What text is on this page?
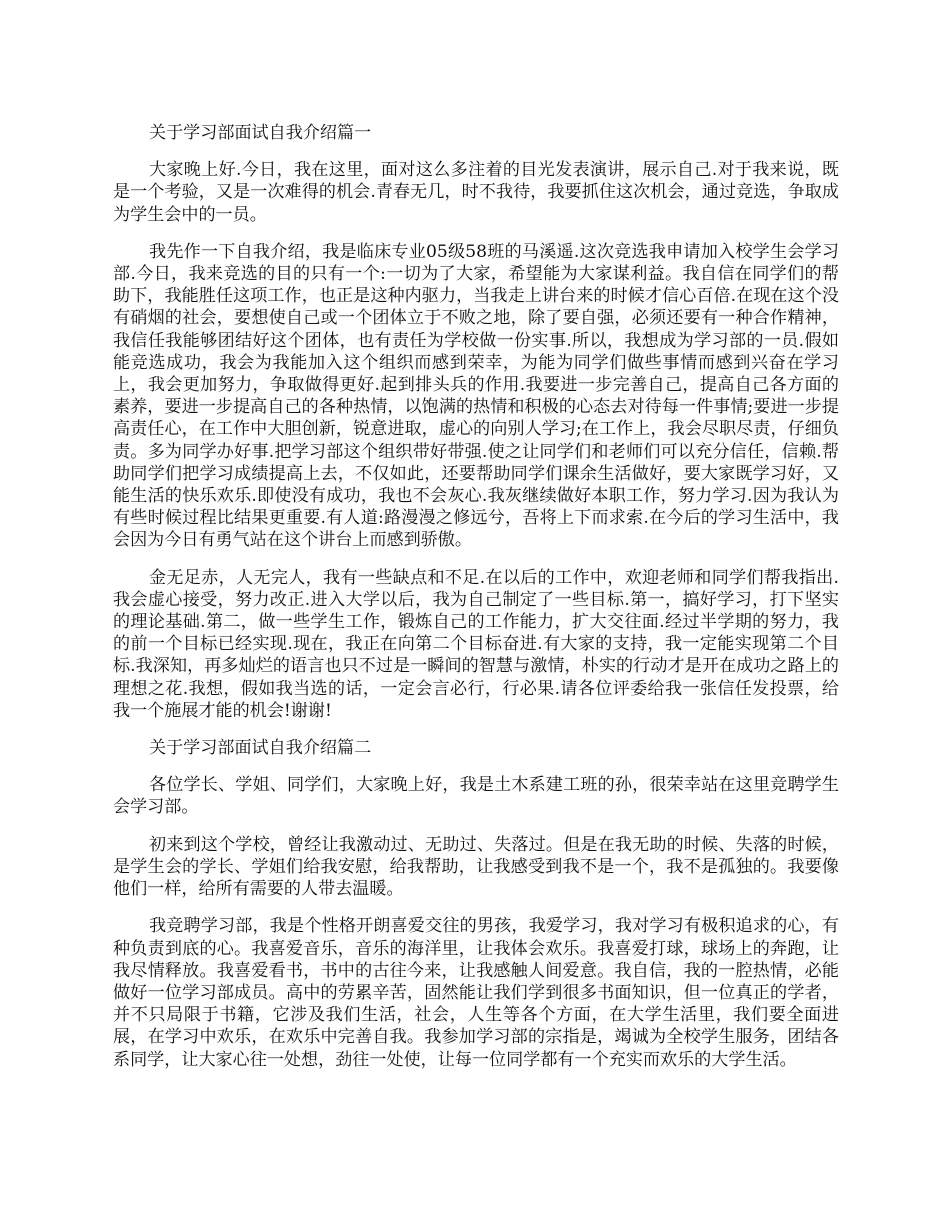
关于学习部面试自我介绍篇一

大家晚上好.今日，我在这里，面对这么多注着的目光发表演讲，展示自己.对于我来说，既是一个考验，又是一次难得的机会.青春无几，时不我待，我要抓住这次机会，通过竞选，争取成为学生会中的一员。

我先作一下自我介绍，我是临床专业05级58班的马溪遥.这次竞选我申请加入校学生会学习部.今日，我来竞选的目的只有一个:一切为了大家，希望能为大家谋利益。我自信在同学们的帮助下，我能胜任这项工作，也正是这种内驱力，当我走上讲台来的时候才信心百倍.在现在这个没有硝烟的社会，要想使自己或一个团体立于不败之地，除了要自强，必须还要有一种合作精神，我信任我能够团结好这个团体，也有责任为学校做一份实事.所以，我想成为学习部的一员.假如能竞选成功，我会为我能加入这个组织而感到荣幸，为能为同学们做些事情而感到兴奋在学习上，我会更加努力，争取做得更好.起到排头兵的作用.我要进一步完善自己，提高自己各方面的素养，要进一步提高自己的各种热情，以饱满的热情和积极的心态去对待每一件事情;要进一步提高责任心，在工作中大胆创新，锐意进取，虚心的向别人学习;在工作上，我会尽职尽责，仔细负责。多为同学办好事.把学习部这个组织带好带强.使之让同学们和老师们可以充分信任，信赖.帮助同学们把学习成绩提高上去，不仅如此，还要帮助同学们课余生活做好，要大家既学习好，又能生活的快乐欢乐.即使没有成功，我也不会灰心.我灰继续做好本职工作，努力学习.因为我认为有些时候过程比结果更重要.有人道:路漫漫之修远兮，吾将上下而求索.在今后的学习生活中，我会因为今日有勇气站在这个讲台上而感到骄傲。

金无足赤，人无完人，我有一些缺点和不足.在以后的工作中，欢迎老师和同学们帮我指出.我会虚心接受，努力改正.进入大学以后，我为自己制定了一些目标.第一，搞好学习，打下坚实的理论基础.第二，做一些学生工作，锻炼自己的工作能力，扩大交往面.经过半学期的努力，我的前一个目标已经实现.现在，我正在向第二个目标奋进.有大家的支持，我一定能实现第二个目标.我深知，再多灿烂的语言也只不过是一瞬间的智慧与激情，朴实的行动才是开在成功之路上的理想之花.我想，假如我当选的话，一定会言必行，行必果.请各位评委给我一张信任发投票，给我一个施展才能的机会!谢谢!

关于学习部面试自我介绍篇二

各位学长、学姐、同学们，大家晚上好，我是土木系建工班的孙，很荣幸站在这里竞聘学生会学习部。

初来到这个学校，曾经让我激动过、无助过、失落过。但是在我无助的时候、失落的时候，是学生会的学长、学姐们给我安慰，给我帮助，让我感受到我不是一个，我不是孤独的。我要像他们一样，给所有需要的人带去温暖。

我竞聘学习部，我是个性格开朗喜爱交往的男孩，我爱学习，我对学习有极积追求的心，有种负责到底的心。我喜爱音乐，音乐的海洋里，让我体会欢乐。我喜爱打球，球场上的奔跑，让我尽情释放。我喜爱看书，书中的古往今来，让我感触人间爱意。我自信，我的一腔热情，必能做好一位学习部成员。高中的劳累辛苦，固然能让我们学到很多书面知识，但一位真正的学者，并不只局限于书籍，它涉及我们生活，社会，人生等各个方面，在大学生活里，我们要全面进展，在学习中欢乐，在欢乐中完善自我。我参加学习部的宗指是，竭诚为全校学生服务，团结各系同学，让大家心往一处想，劲往一处使，让每一位同学都有一个充实而欢乐的大学生活。
